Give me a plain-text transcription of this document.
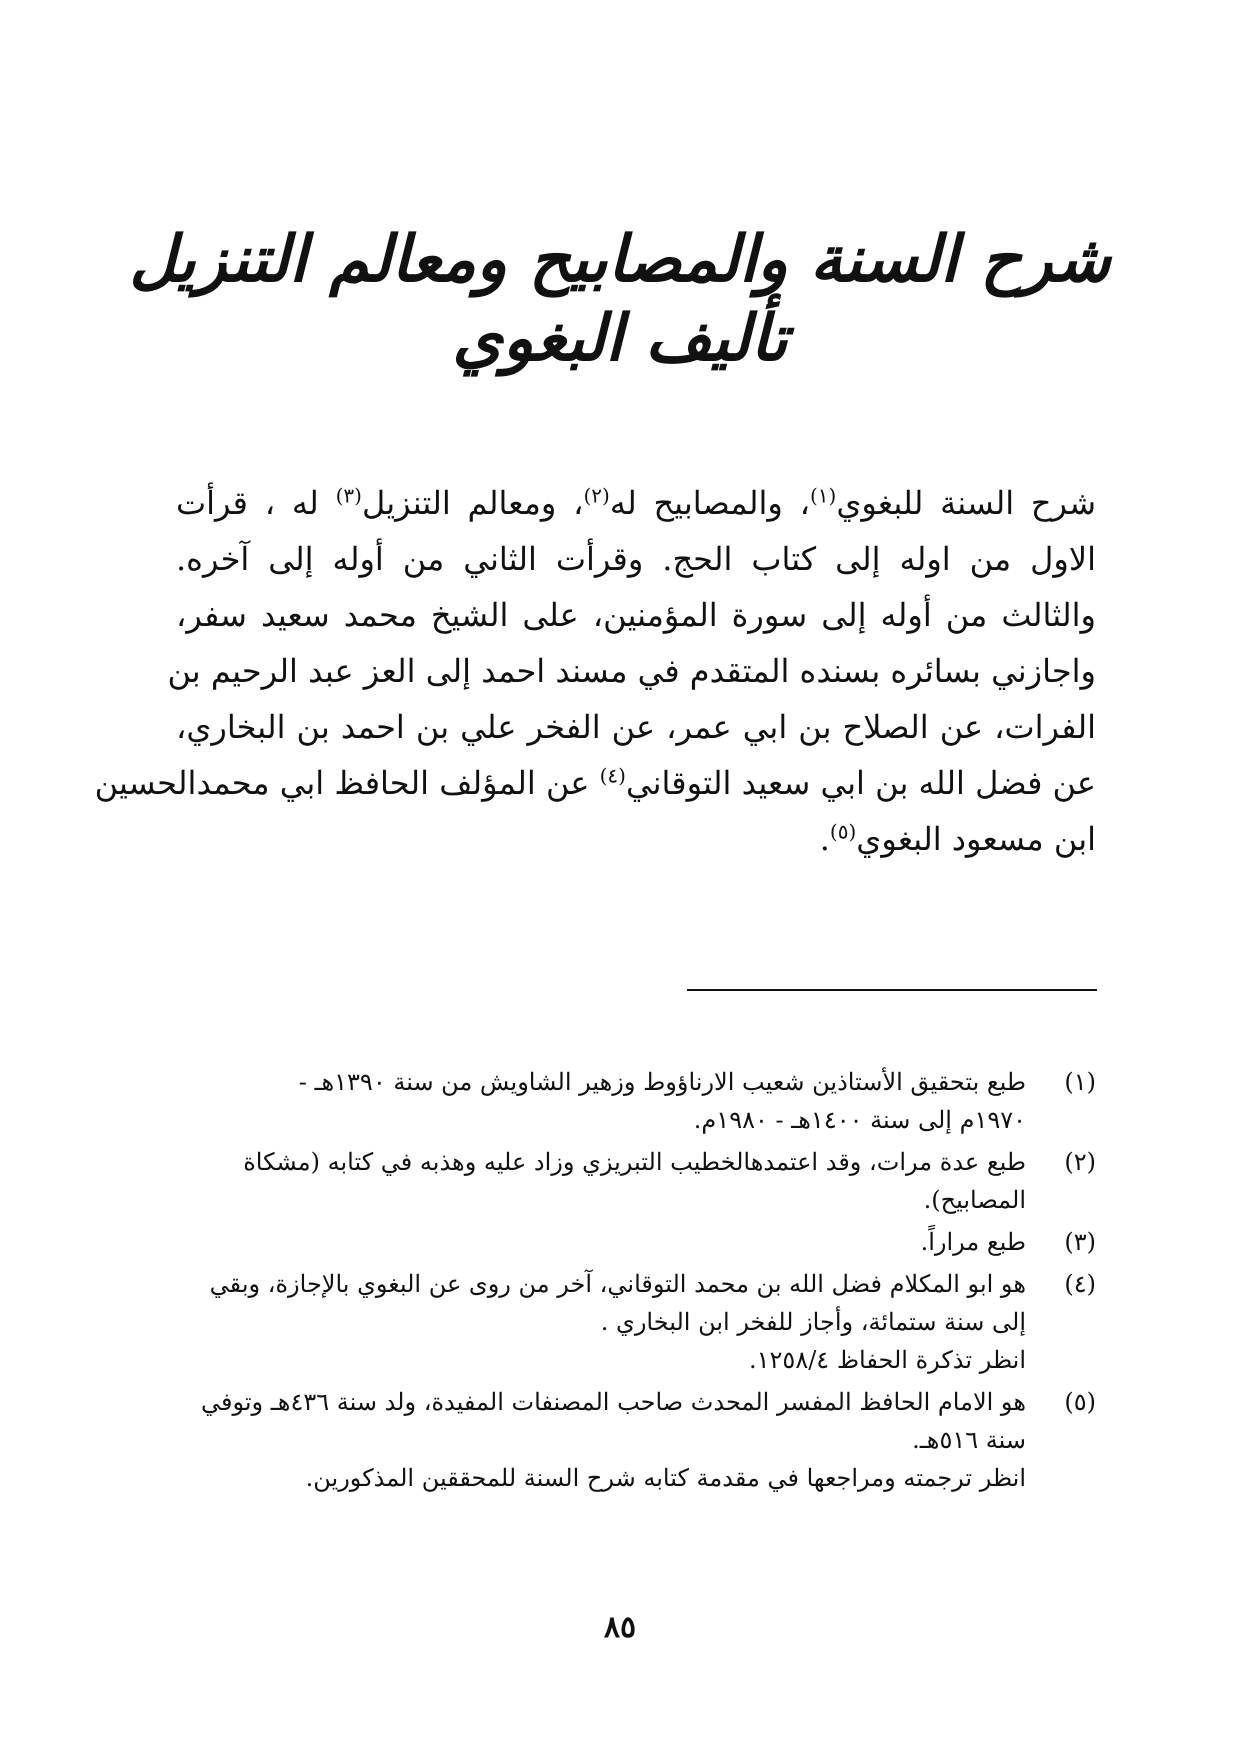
شرح السنة والمصابيح ومعالم التنزيل
تأليف البغوي
شرح السنة للبغوي$^{(١)}$، والمصابيح له$^{(٢)}$، ومعالم التنزيل$^{(٣)}$ له ، قرأت
الاول من اوله إلى كتاب الحج. وقرأت الثاني من أوله إلى آخره.
والثالث من أوله إلى سورة المؤمنين، على الشيخ محمد سعيد سفر،
واجازني بسائره بسنده المتقدم في مسند احمد إلى العز عبد الرحيم بن
الفرات، عن الصلاح بن ابي عمر، عن الفخر علي بن احمد بن البخاري،
عن فضل الله بن ابي سعيد التوقاني$^{(٤)}$ عن المؤلف الحافظ ابي محمدالحسين
ابن مسعود البغوي$^{(٥)}$.
(١)
طبع بتحقيق الأستاذين شعيب الارناؤوط وزهير الشاويش من سنة ١٣٩٠هـ -
١٩٧٠م إلى سنة ١٤٠٠هـ - ١٩٨٠م.
(٢)
طبع عدة مرات، وقد اعتمدهالخطيب التبريزي وزاد عليه وهذبه في كتابه (مشكاة
المصابيح).
(٣)
طبع مراراً.
(٤)
هو ابو المكلام فضل الله بن محمد التوقاني، آخر من روى عن البغوي بالإجازة، وبقي
إلى سنة ستمائة، وأجاز للفخر ابن البخاري .
انظر تذكرة الحفاظ ١٢٥٨/٤.
(٥)
هو الامام الحافظ المفسر المحدث صاحب المصنفات المفيدة، ولد سنة ٤٣٦هـ وتوفي
سنة ٥١٦هـ.
انظر ترجمته ومراجعها في مقدمة كتابه شرح السنة للمحققين المذكورين.
٨٥
